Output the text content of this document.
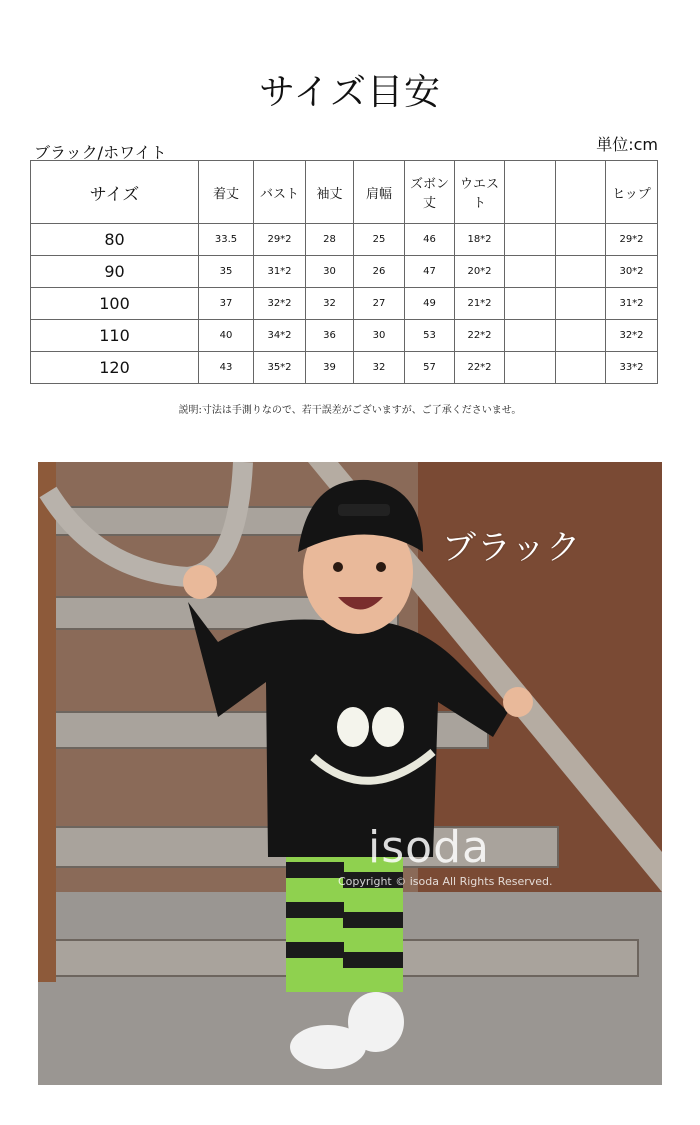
サイズ目安
ブラック/ホワイト	単位:cm
サイズ	着丈	バスト	袖丈	肩幅	ズボン丈	ウエスト			ヒップ
80	33.5	29*2	28	25	46	18*2			29*2
90	35	31*2	30	26	47	20*2			30*2
100	37	32*2	32	27	49	21*2			31*2
110	40	34*2	36	30	53	22*2			32*2
120	43	35*2	39	32	57	22*2			33*2
説明:寸法は手測りなので、若干誤差がございますが、ご了承くださいませ。
ブラック
isoda
Copyright © isoda All Rights Reserved.
